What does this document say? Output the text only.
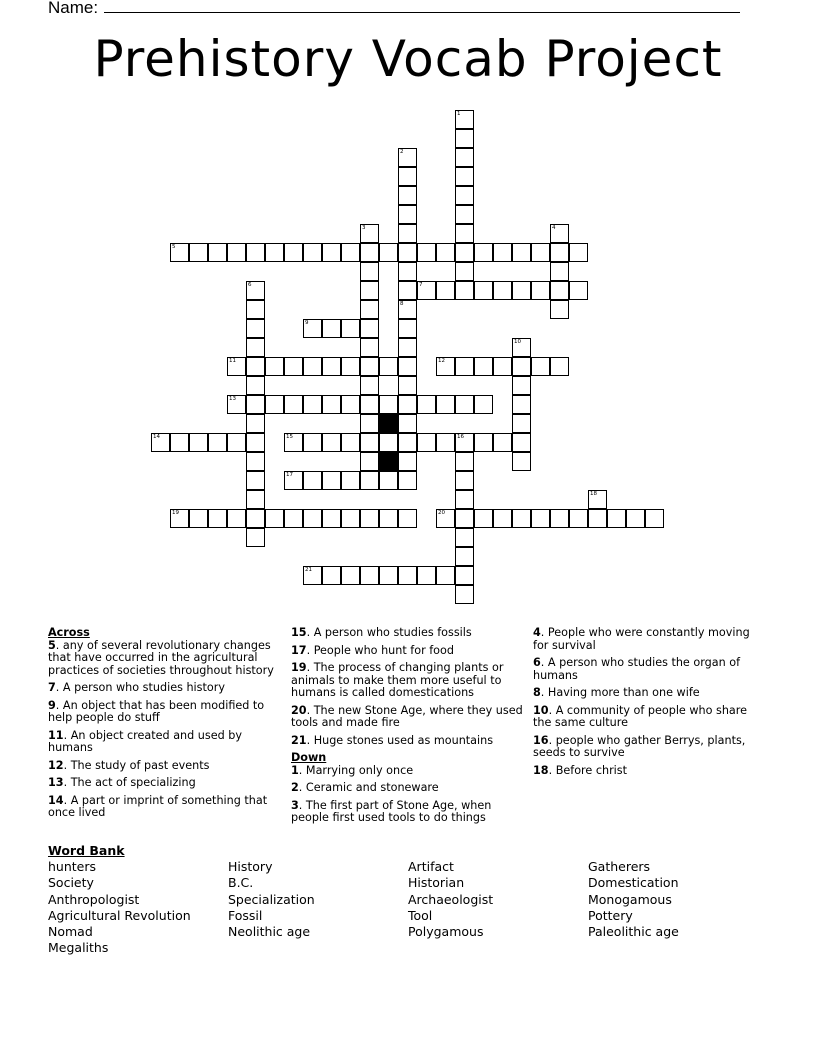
Name:
Prehistory Vocab Project
5
7
9
11	12
13
14	15	16
17
19	20
21
1
2
8
3	4
6
10
18
Across
5. any of several revolutionary changes that have occurred in the agricultural practices of societies throughout history
7. A person who studies history
9. An object that has been modified to help people do stuff
11. An object created and used by humans
12. The study of past events
13. The act of specializing
14. A part or imprint of something that once lived
15. A person who studies fossils
17. People who hunt for food
19. The process of changing plants or animals to make them more useful to humans is called domestications
20. The new Stone Age, where they used tools and made fire
21. Huge stones used as mountains
Down
1. Marrying only once
2. Ceramic and stoneware
3. The first part of Stone Age, when people first used tools to do things
4. People who were constantly moving for survival
6. A person who studies the organ of humans
8. Having more than one wife
10. A community of people who share the same culture
16. people who gather Berrys, plants, seeds to survive
18. Before christ
Word Bank
hunters
Society
Anthropologist
Agricultural Revolution
Nomad
Megaliths
History
B.C.
Specialization
Fossil
Neolithic age
Artifact
Historian
Archaeologist
Tool
Polygamous
Gatherers
Domestication
Monogamous
Pottery
Paleolithic age
